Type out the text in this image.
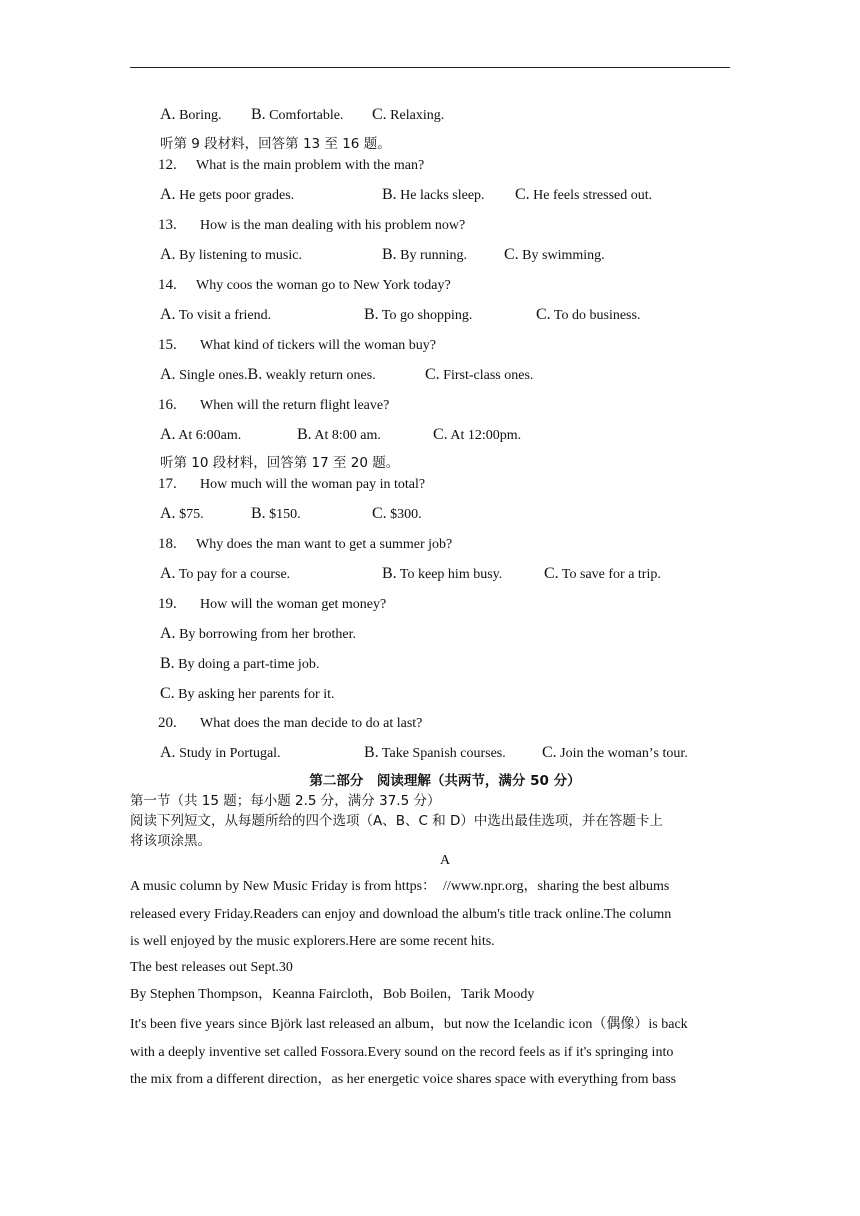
A. Boring. B. Comfortable. C. Relaxing.
听第 9 段材料，回答第 13 至 16 题。
12. What is the main problem with the man?
A. He gets poor grades.	B. He lacks sleep. C. He feels stressed out.
13. How is the man dealing with his problem now?
A. By listening to music.	B. By running. C. By swimming.
14. Why coos the woman go to New York today?
A. To visit a friend.	B. To go shopping.	C. To do business.
15. What kind of tickers will the woman buy?
A. Single ones.B. weakly return ones.	C. First-class ones.
16. When will the return flight leave?
A. At 6:00am.	B. At 8:00 am.	C. At 12:00pm.
听第 10 段材料，回答第 17 至 20 题。
17. How much will the woman pay in total?
A. $75.	B. $150.	C. $300.
18. Why does the man want to get a summer job?
A. To pay for a course.	B. To keep him busy.	C. To save for a trip.
19. How will the woman get money?
A. By borrowing from her brother.
B. By doing a part-time job.
C. By asking her parents for it.
20. What does the man decide to do at last?
A. Study in Portugal.	B. Take Spanish courses. C. Join the womanʼs tour.
第二部分　阅读理解（共两节，满分 50 分）
第一节（共 15 题；每小题 2.5 分，满分 37.5 分）
阅读下列短文，从每题所给的四个选项（A、B、C 和 D）中选出最佳选项，并在答题卡上
将该项涂黑。
A
A music column by New Music Friday is from https：　//www.npr.org，sharing the best albums
released every Friday.Readers can enjoy and download the album's title track online.The column
is well enjoyed by the music explorers.Here are some recent hits.
The best releases out Sept.30
By Stephen Thompson，Keanna Faircloth，Bob Boilen，Tarik Moody
It's been five years since Björk last released an album，but now the Icelandic icon（偶像）is back
with a deeply inventive set called Fossora.Every sound on the record feels as if it's springing into
the mix from a different direction，as her energetic voice shares space with everything from bass
